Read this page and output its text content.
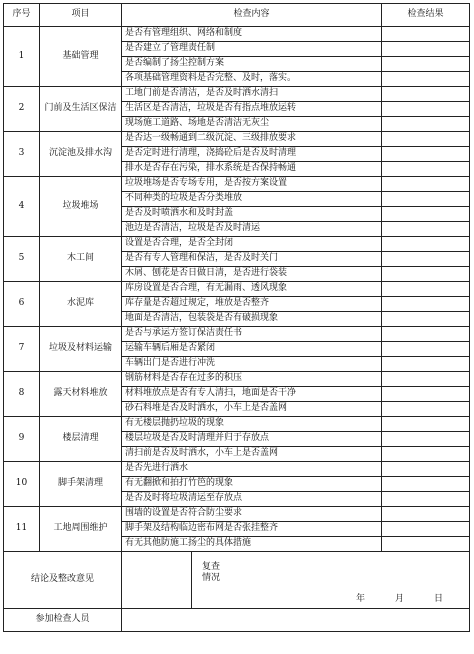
序号	项目	检查内容		检查结果
1	基础管理	是否有管理组织、网络和制度		
		是否建立了管理责任制		
		是否编制了扬尘控制方案		
		各项基础管理资料是否完整、及时，落实。		
2	门前及生活区保洁	工地门前是否清洁，是否及时洒水清扫		
		生活区是否清洁，垃圾是否有指点堆放运转		
		现场施工道路、场地是否清洁无灰尘		
3	沉淀池及排水沟	是否达一级畅通到二级沉淀、三级排放要求		
		是否定时进行清理，浇捣砼后是否及时清理		
		排水是否存在污染，排水系统是否保持畅通		
4	垃圾堆场	垃圾堆场是否专场专用，是否按方案设置		
		不同种类的垃圾是否分类堆放		
		是否及时喷洒水和及时封盖		
		池边是否清洁，垃圾是否及时清运		
5	木工间	设置是否合理，是否全封闭		
		是否有专人管理和保洁，是否及时关门		
		木屑、刨花是否日做日清，是否进行袋装		
6	水泥库	库房设置是否合理，有无漏雨、透风现象		
		库存量是否超过规定，堆放是否整齐		
		地面是否清洁，包装袋是否有破损现象		
7	垃圾及材料运输	是否与承运方签订保洁责任书		
		运输车辆后厢是否紧闭		
		车辆出门是否进行冲洗		
8	露天材料堆放	钢筋材料是否存在过多的积压		
		材料堆放点是否有专人清扫，地面是否干净		
		砂石料堆是否及时洒水，小车上是否盖网		
9	楼层清理	有无楼层抛扔垃圾的现象		
		楼层垃圾是否及时清理并归于存放点		
		清扫前是否及时洒水，小车上是否盖网		
10	脚手架清理	是否先进行洒水		
		有无翻掀和拍打竹笆的现象		
		是否及时将垃圾清运至存放点		
11	工地周围维护	围墙的设置是否符合防尘要求		
		脚手架及结构临边密布网是否张挂整齐		
		有无其他防施工扬尘的具体措施		
结论及整改意见			复查情况
年 月 日	

参加检查人员				
